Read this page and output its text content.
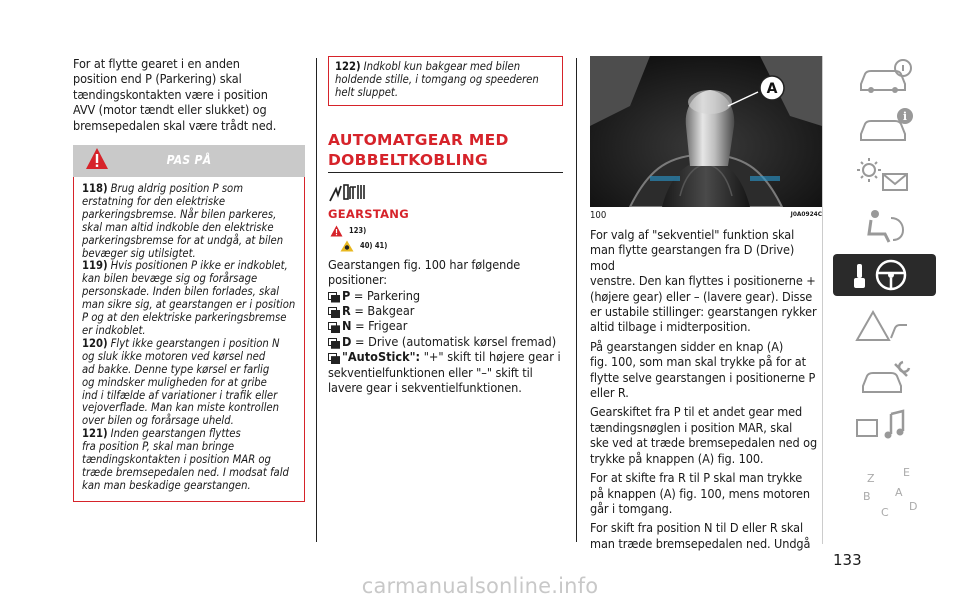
For at flytte gearet i en anden
position end P (Parkering) skal
tændingskontakten være i position
AVV (motor tændt eller slukket) og
bremsepedalen skal være trådt ned.
PAS PÅ
118) Brug aldrig position P som
erstatning for den elektriske
parkeringsbremse. Når bilen parkeres,
skal man altid indkoble den elektriske
parkeringsbremse for at undgå, at bilen
bevæger sig utilsigtet.
119) Hvis positionen P ikke er indkoblet,
kan bilen bevæge sig og forårsage
personskade. Inden bilen forlades, skal
man sikre sig, at gearstangen er i position
P og at den elektriske parkeringsbremse
er indkoblet.
120) Flyt ikke gearstangen i position N
og sluk ikke motoren ved kørsel ned
ad bakke. Denne type kørsel er farlig
og mindsker muligheden for at gribe
ind i tilfælde af variationer i trafik eller
vejoverflade. Man kan miste kontrollen
over bilen og forårsage uheld.
121) Inden gearstangen flyttes
fra position P, skal man bringe
tændingskontakten i position MAR og
træde bremsepedalen ned. I modsat fald
kan man beskadige gearstangen.
122) Indkobl kun bakgear med bilen
holdende stille, i tomgang og speederen
helt sluppet.
AUTOMATGEAR MED
DOBBELTKOBLING
GEARSTANG
123)
40) 41)
Gearstangen fig. 100 har følgende
positioner:
P = Parkering
R = Bakgear
N = Frigear
D = Drive (automatisk kørsel fremad)
"AutoStick": "+" skift til højere gear i
sekventielfunktionen eller "–" skift til
lavere gear i sekventielfunktionen.
A
100	J0A0924C
For valg af "sekventiel" funktion skal
man flytte gearstangen fra D (Drive) mod
venstre. Den kan flyttes i positionerne +
(højere gear) eller – (lavere gear). Disse
er ustabile stillinger: gearstangen rykker
altid tilbage i midterposition.
På gearstangen sidder en knap (A)
fig. 100, som man skal trykke på for at
flytte selve gearstangen i positionerne P
eller R.
Gearskiftet fra P til et andet gear med
tændingsnøglen i position MAR, skal
ske ved at træde bremsepedalen ned og
trykke på knappen (A) fig. 100.
For at skifte fra R til P skal man trykke
på knappen (A) fig. 100, mens motoren
går i tomgang.
For skift fra position N til D eller R skal
man træde bremsepedalen ned. Undgå
i
Z	E
B A
C D
133
carmanualsonline.info
